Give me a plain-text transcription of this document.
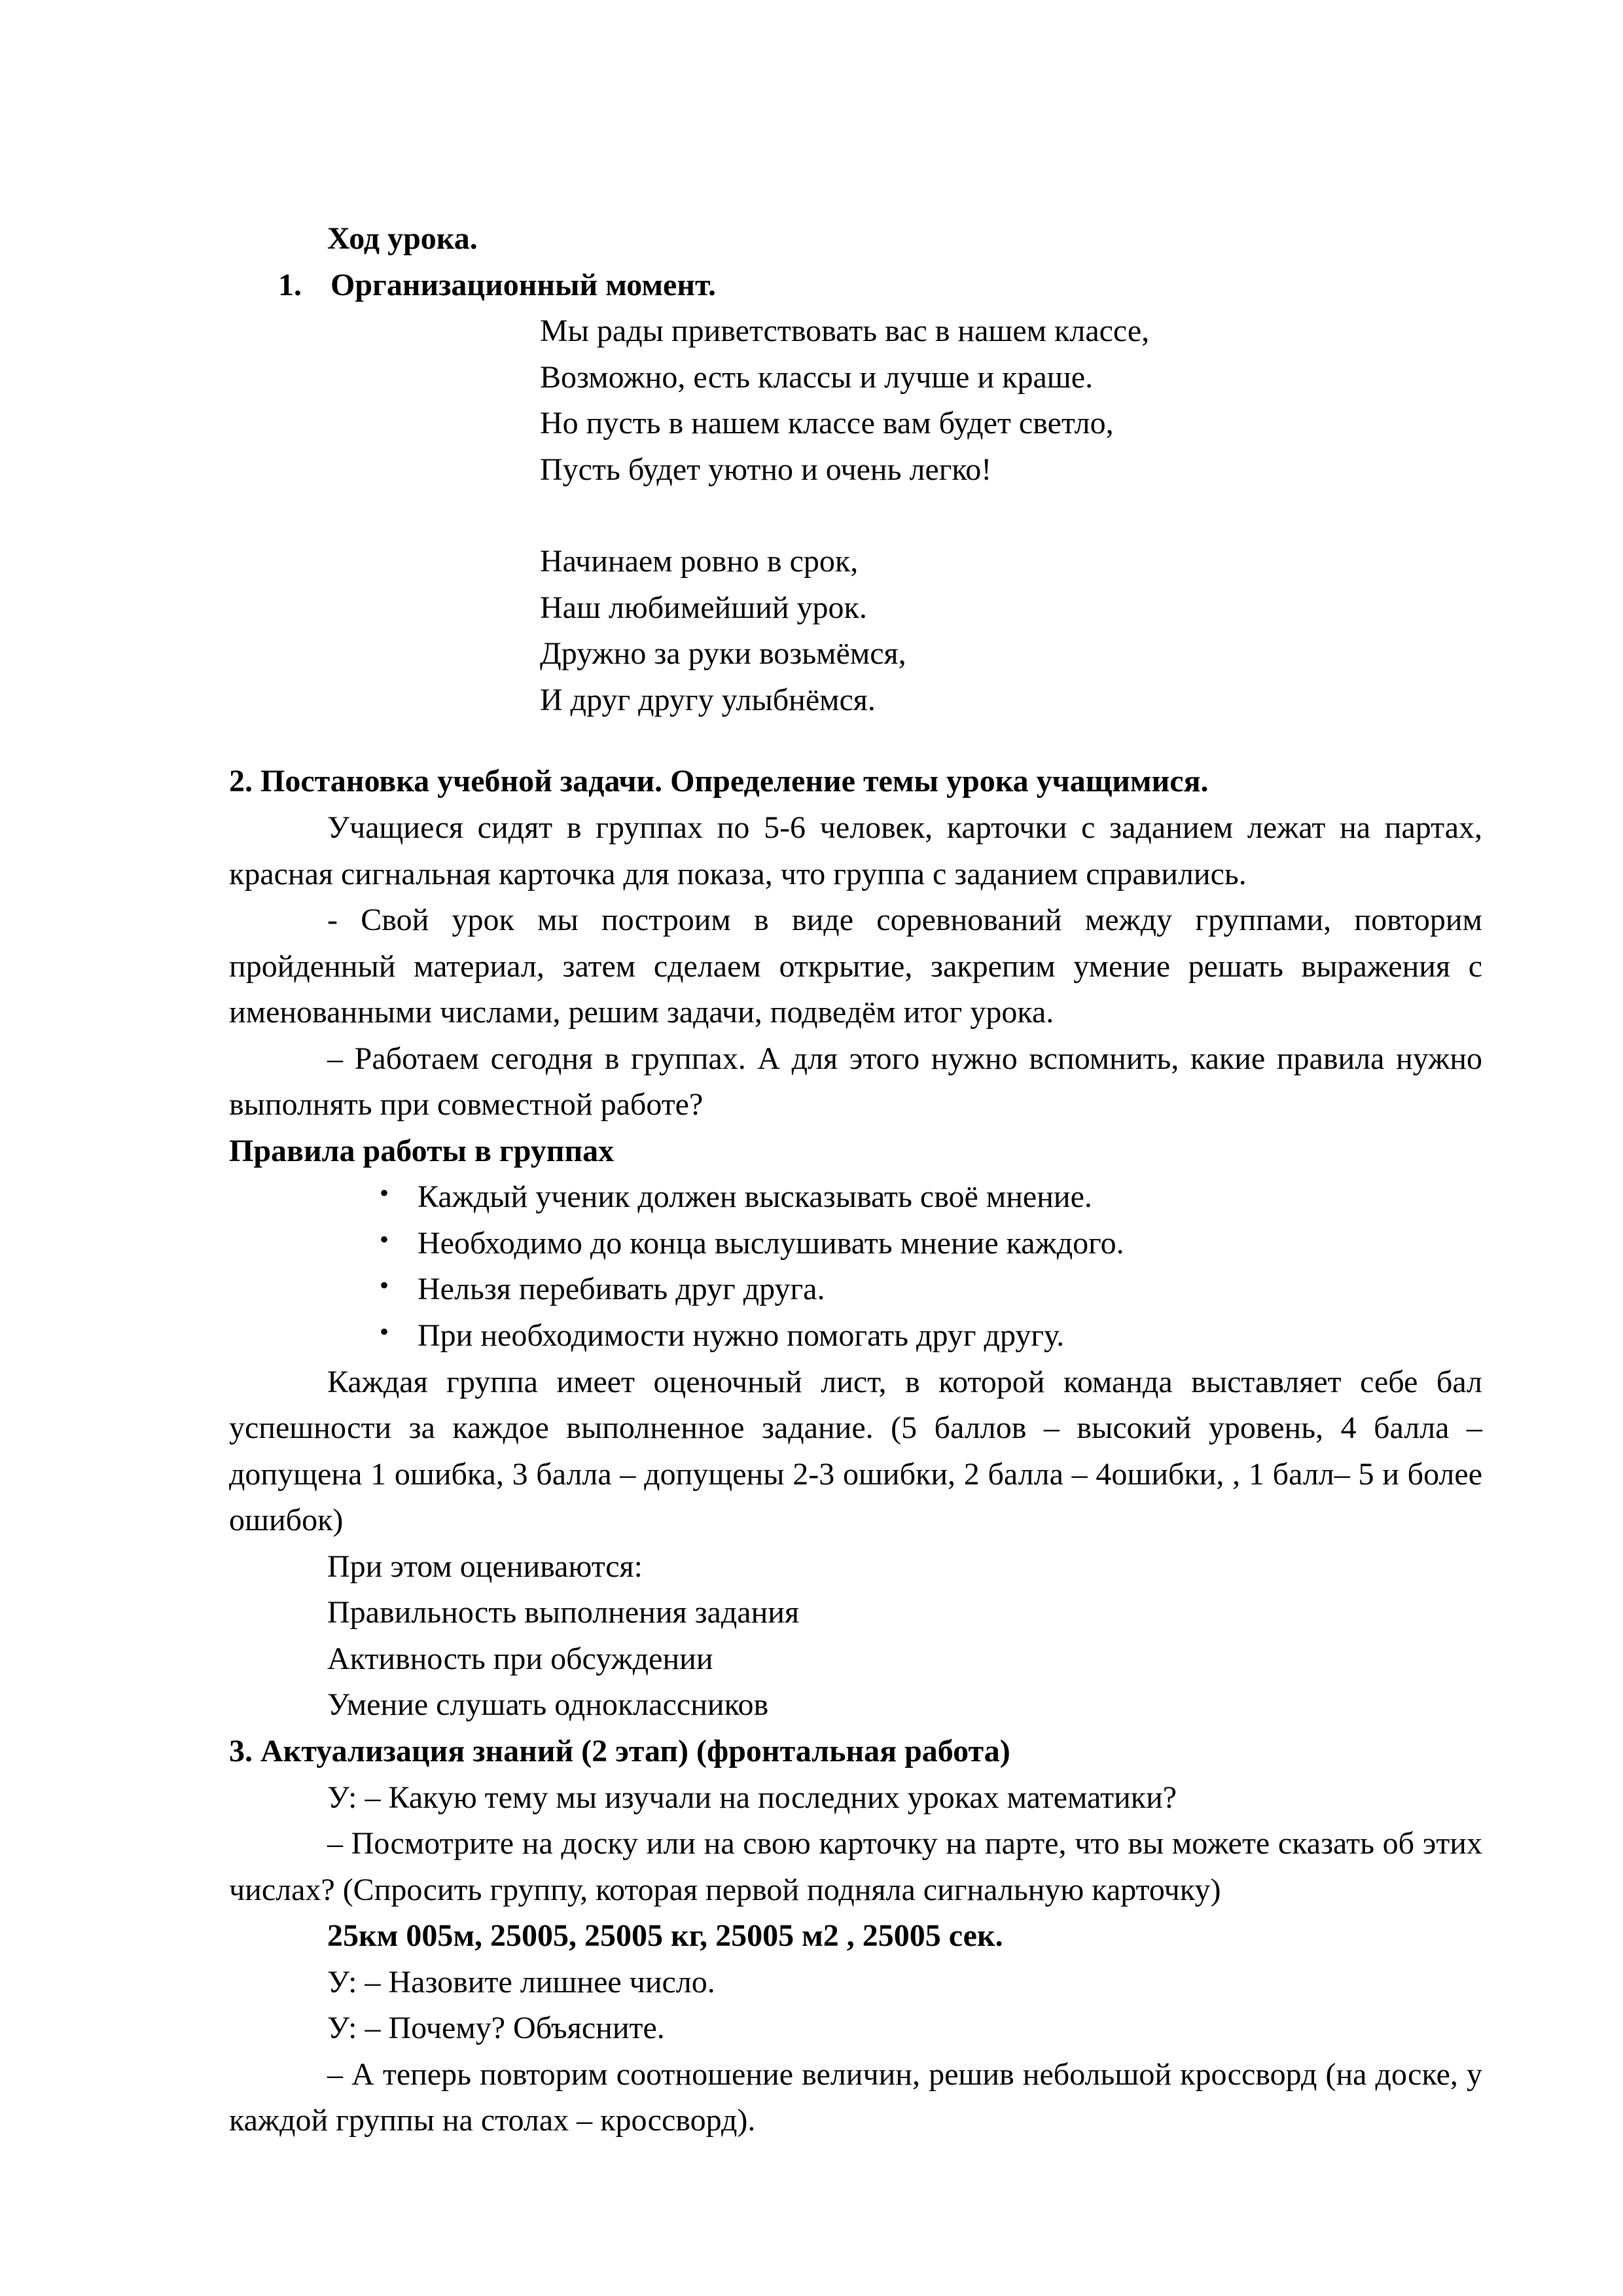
Ход урока.

1. Организационный момент.
Мы рады приветствовать вас в нашем классе,
Возможно, есть классы и лучше и краше.
Но пусть в нашем классе вам будет светло,
Пусть будет уютно и очень легко!
Начинаем ровно в срок,
Наш любимейший урок.
Дружно за руки возьмёмся,
И друг другу улыбнёмся.

2. Постановка учебной задачи. Определение темы урока учащимися.

Учащиеся сидят в группах по 5-6 человек, карточки с заданием лежат на партах, красная сигнальная карточка для показа, что группа с заданием справились.

- Свой урок мы построим в виде соревнований между группами, повторим пройденный материал, затем сделаем открытие, закрепим умение решать выражения с именованными числами, решим задачи, подведём итог урока.

– Работаем сегодня в группах. А для этого нужно вспомнить, какие правила нужно выполнять при совместной работе?

Правила работы в группах

• Каждый ученик должен высказывать своё мнение.
• Необходимо до конца выслушивать мнение каждого.
• Нельзя перебивать друг друга.
• При необходимости нужно помогать друг другу.

Каждая группа имеет оценочный лист, в которой команда выставляет себе бал успешности за каждое выполненное задание. (5 баллов – высокий уровень, 4 балла – допущена 1 ошибка, 3 балла – допущены 2-3 ошибки, 2 балла – 4ошибки, , 1 балл– 5 и более ошибок)

При этом оцениваются:

Правильность выполнения задания

Активность при обсуждении

Умение слушать одноклассников

3. Актуализация знаний (2 этап) (фронтальная работа)

У: – Какую тему мы изучали на последних уроках математики?

– Посмотрите на доску или на свою карточку на парте, что вы можете сказать об этих числах? (Спросить группу, которая первой подняла сигнальную карточку)

25км 005м, 25005, 25005 кг, 25005 м2 , 25005 сек.

У: – Назовите лишнее число.

У: – Почему? Объясните.

– А теперь повторим соотношение величин, решив небольшой кроссворд (на доске, у каждой группы на столах – кроссворд).
